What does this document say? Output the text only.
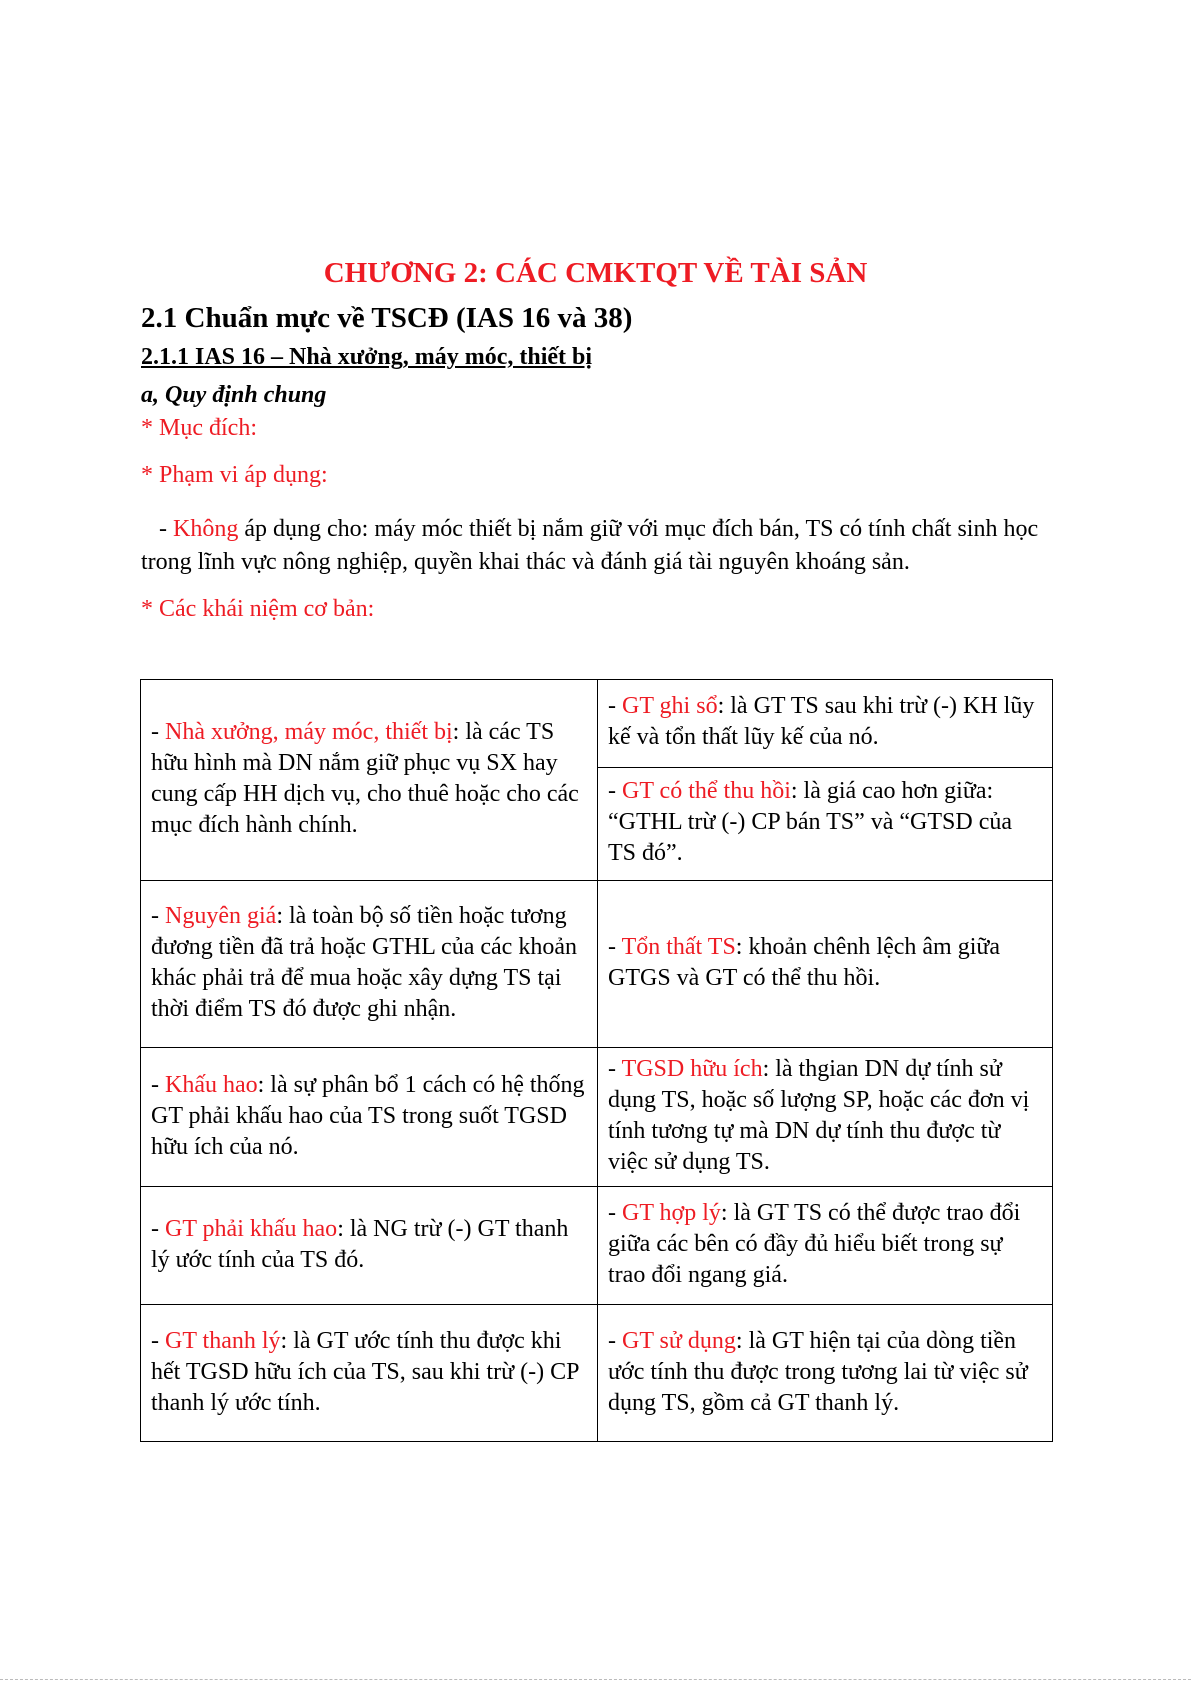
CHƯƠNG 2: CÁC CMKTQT VỀ TÀI SẢN
2.1 Chuẩn mực về TSCĐ (IAS 16 và 38)
2.1.1 IAS 16 – Nhà xưởng, máy móc, thiết bị
a, Quy định chung

* Mục đích:

* Phạm vi áp dụng:

- Không áp dụng cho: máy móc thiết bị nắm giữ với mục đích bán, TS có tính chất sinh học trong lĩnh vực nông nghiệp, quyền khai thác và đánh giá tài nguyên khoáng sản.

* Các khái niệm cơ bản:

- Nhà xưởng, máy móc, thiết bị: là các TS hữu hình mà DN nắm giữ phục vụ SX hay cung cấp HH dịch vụ, cho thuê hoặc cho các mục đích hành chính.	- GT ghi sổ: là GT TS sau khi trừ (-) KH lũy kế và tổn thất lũy kế của nó.
	- GT có thể thu hồi: là giá cao hơn giữa: “GTHL trừ (-) CP bán TS” và “GTSD của TS đó”.
- Nguyên giá: là toàn bộ số tiền hoặc tương đương tiền đã trả hoặc GTHL của các khoản khác phải trả để mua hoặc xây dựng TS tại thời điểm TS đó được ghi nhận.	- Tổn thất TS: khoản chênh lệch âm giữa GTGS và GT có thể thu hồi.
- Khấu hao: là sự phân bổ 1 cách có hệ thống GT phải khấu hao của TS trong suốt TGSD hữu ích của nó.	- TGSD hữu ích: là thgian DN dự tính sử dụng TS, hoặc số lượng SP, hoặc các đơn vị tính tương tự mà DN dự tính thu được từ việc sử dụng TS.
- GT phải khấu hao: là NG trừ (-) GT thanh lý ước tính của TS đó.	- GT hợp lý: là GT TS có thể được trao đổi giữa các bên có đầy đủ hiểu biết trong sự trao đổi ngang giá.
- GT thanh lý: là GT ước tính thu được khi hết TGSD hữu ích của TS, sau khi trừ (-) CP thanh lý ước tính.	- GT sử dụng: là GT hiện tại của dòng tiền ước tính thu được trong tương lai từ việc sử dụng TS, gồm cả GT thanh lý.
